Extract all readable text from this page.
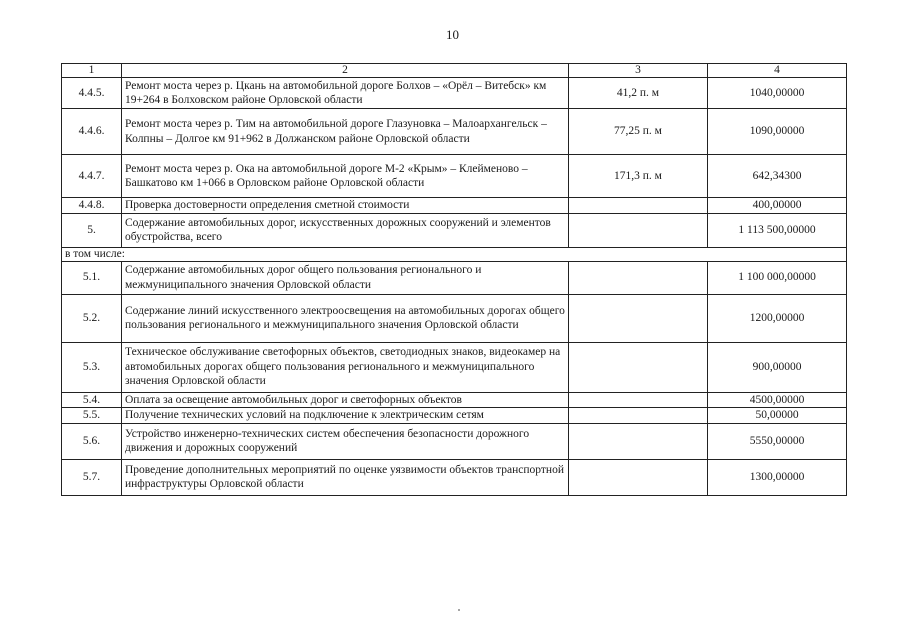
10
1	2	3	4
4.4.5.	Ремонт моста через р. Цкань на автомобильной дороге Болхов – «Орёл – Витебск» км 19+264 в Болховском районе Орловской области	41,2 п. м	1040,00000
4.4.6.	Ремонт моста через р. Тим на автомобильной дороге Глазуновка – Малоархангельск – Колпны – Долгое км 91+962 в Должанском районе Орловской области	77,25 п. м	1090,00000
4.4.7.	Ремонт моста через р. Ока на автомобильной дороге М-2 «Крым» – Клейменово – Башкатово км 1+066 в Орловском районе Орловской области	171,3 п. м	642,34300
4.4.8.	Проверка достоверности определения сметной стоимости		400,00000
5.	Содержание автомобильных дорог, искусственных дорожных сооружений и элементов обустройства, всего		1 113 500,00000
в том числе:			
5.1.	Содержание автомобильных дорог общего пользования регионального и межмуниципального значения Орловской области		1 100 000,00000
5.2.	Содержание линий искусственного электроосвещения на автомобильных дорогах общего пользования регионального и межмуниципального значения Орловской области		1200,00000
5.3.	Техническое обслуживание светофорных объектов, светодиодных знаков, видеокамер на автомобильных дорогах общего пользования регионального и межмуниципального значения Орловской области		900,00000
5.4.	Оплата за освещение автомобильных дорог и светофорных объектов		4500,00000
5.5.	Получение технических условий на подключение к электрическим сетям		50,00000
5.6.	Устройство инженерно-технических систем обеспечения безопасности дорожного движения и дорожных сооружений		5550,00000
5.7.	Проведение дополнительных мероприятий по оценке уязвимости объектов транспортной инфраструктуры Орловской области		1300,00000
